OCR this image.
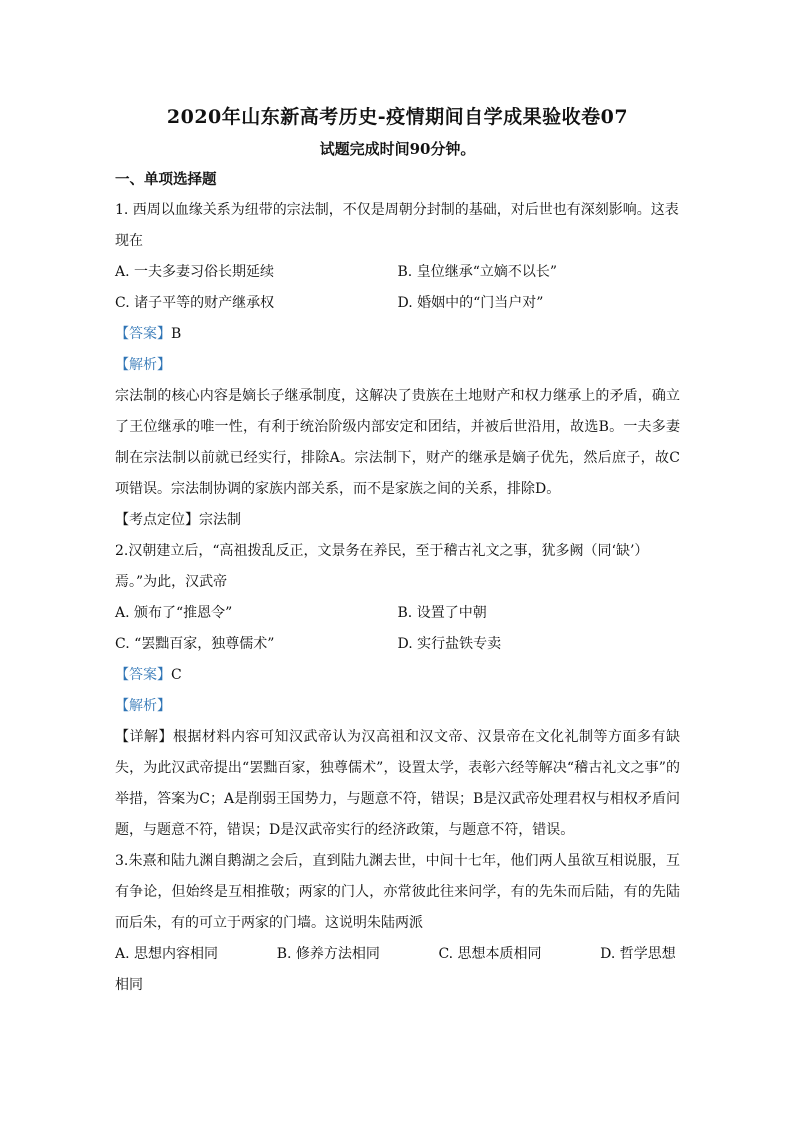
2020年山东新高考历史-疫情期间自学成果验收卷07

试题完成时间90分钟。

一、单项选择题

1. 西周以血缘关系为纽带的宗法制，不仅是周朝分封制的基础，对后世也有深刻影响。这表

现在

A. 一夫多妻习俗长期延续	B. 皇位继承“立嫡不以长”
C. 诸子平等的财产继承权	D. 婚姻中的“门当户对”

【答案】B

【解析】

宗法制的核心内容是嫡长子继承制度，这解决了贵族在土地财产和权力继承上的矛盾，确立了王位继承的唯一性，有利于统治阶级内部安定和团结，并被后世沿用，故选B。一夫多妻制在宗法制以前就已经实行，排除A。宗法制下，财产的继承是嫡子优先，然后庶子，故C项错误。宗法制协调的家族内部关系，而不是家族之间的关系，排除D。

【考点定位】宗法制

2.汉朝建立后，“高祖拨乱反正，文景务在养民，至于稽古礼文之事，犹多阙（同‘缺’）

焉。”为此，汉武帝

A. 颁布了“推恩令”	B. 设置了中朝
C. “罢黜百家，独尊儒术”	D. 实行盐铁专卖

【答案】C

【解析】

【详解】根据材料内容可知汉武帝认为汉高祖和汉文帝、汉景帝在文化礼制等方面多有缺失，为此汉武帝提出“罢黜百家，独尊儒术”，设置太学，表彰六经等解决“稽古礼文之事”的举措，答案为C；A是削弱王国势力，与题意不符，错误；B是汉武帝处理君权与相权矛盾问题，与题意不符，错误；D是汉武帝实行的经济政策，与题意不符，错误。

3.朱熹和陆九渊自鹅湖之会后，直到陆九渊去世，中间十七年，他们两人虽欲互相说服，互有争论，但始终是互相推敬；两家的门人，亦常彼此往来问学，有的先朱而后陆，有的先陆而后朱，有的可立于两家的门墙。这说明朱陆两派

A. 思想内容相同	B. 修养方法相同	C. 思想本质相同	D. 哲学思想

相同
